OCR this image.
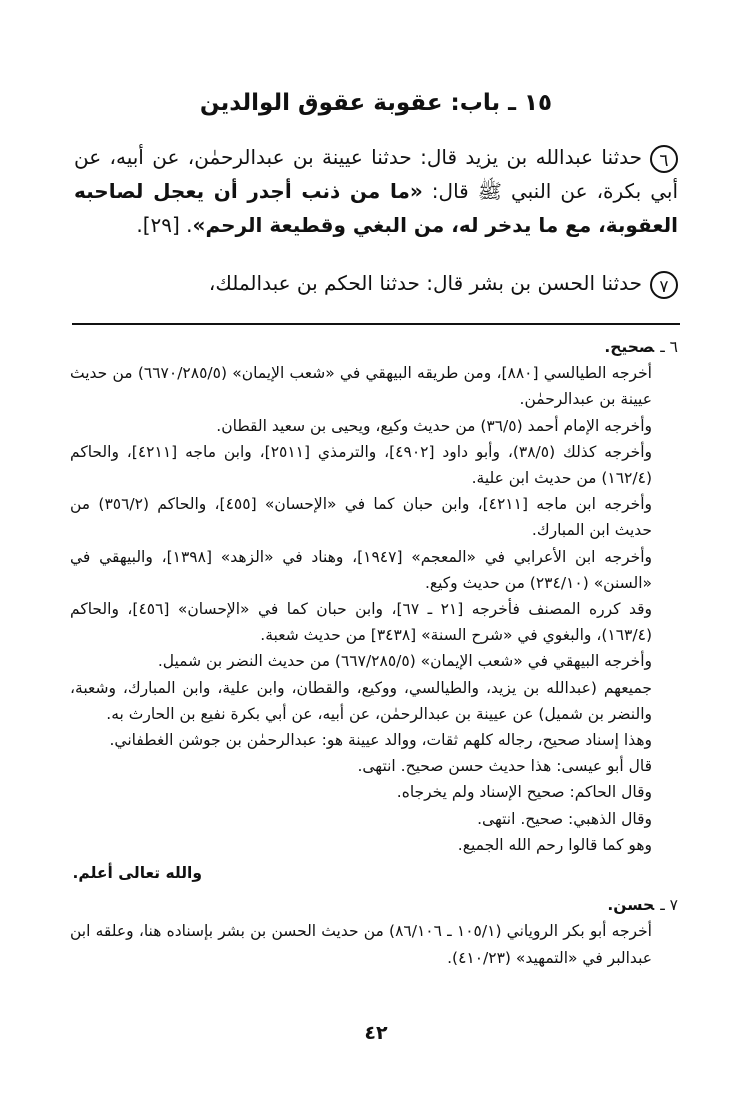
١٥ ـ باب: عقوبة عقوق الوالدين
٦حدثنا عبدالله بن يزيد قال: حدثنا عيينة بن عبدالرحمٰن، عن أبيه، عن أبي بكرة، عن النبي ﷺ قال: «ما من ذنب أجدر أن يعجل لصاحبه العقوبة، مع ما يدخر له، من البغي وقطيعة الرحم». [٢٩].
٧حدثنا الحسن بن بشر قال: حدثنا الحكم بن عبدالملك،
٦ ـصحيح.
أخرجه الطيالسي [٨٨٠]، ومن طريقه البيهقي في «شعب الإيمان» (٦٦٧٠/٢٨٥/٥) من حديث عيينة بن عبدالرحمٰن.
وأخرجه الإمام أحمد (٣٦/٥) من حديث وكيع، ويحيى بن سعيد القطان.
وأخرجه كذلك (٣٨/٥)، وأبو داود [٤٩٠٢]، والترمذي [٢٥١١]، وابن ماجه [٤٢١١]، والحاكم (١٦٢/٤) من حديث ابن علية.
وأخرجه ابن ماجه [٤٢١١]، وابن حبان كما في «الإحسان» [٤٥٥]، والحاكم (٣٥٦/٢) من حديث ابن المبارك.
وأخرجه ابن الأعرابي في «المعجم» [١٩٤٧]، وهناد في «الزهد» [١٣٩٨]، والبيهقي في «السنن» (٢٣٤/١٠) من حديث وكيع.
وقد كرره المصنف فأخرجه [٢١ ـ ٦٧]، وابن حبان كما في «الإحسان» [٤٥٦]، والحاكم (١٦٣/٤)، والبغوي في «شرح السنة» [٣٤٣٨] من حديث شعبة.
وأخرجه البيهقي في «شعب الإيمان» (٦٦٧/٢٨٥/٥) من حديث النضر بن شميل.
جميعهم (عبدالله بن يزيد، والطيالسي، ووكيع، والقطان، وابن علية، وابن المبارك، وشعبة، والنضر بن شميل) عن عيينة بن عبدالرحمٰن، عن أبيه، عن أبي بكرة نفيع بن الحارث به.
وهذا إسناد صحيح، رجاله كلهم ثقات، ووالد عيينة هو: عبدالرحمٰن بن جوشن الغطفاني.
قال أبو عيسى: هذا حديث حسن صحيح. انتهى.
وقال الحاكم: صحيح الإسناد ولم يخرجاه.
وقال الذهبي: صحيح. انتهى.
وهو كما قالوا رحم الله الجميع.
والله تعالى أعلم.
٧ ـحسن.
أخرجه أبو بكر الروياني (١٠٥/١ ـ ٨٦/١٠٦) من حديث الحسن بن بشر بإسناده هنا، وعلقه ابن عبدالبر في «التمهيد» (٤١٠/٢٣).
٤٢
